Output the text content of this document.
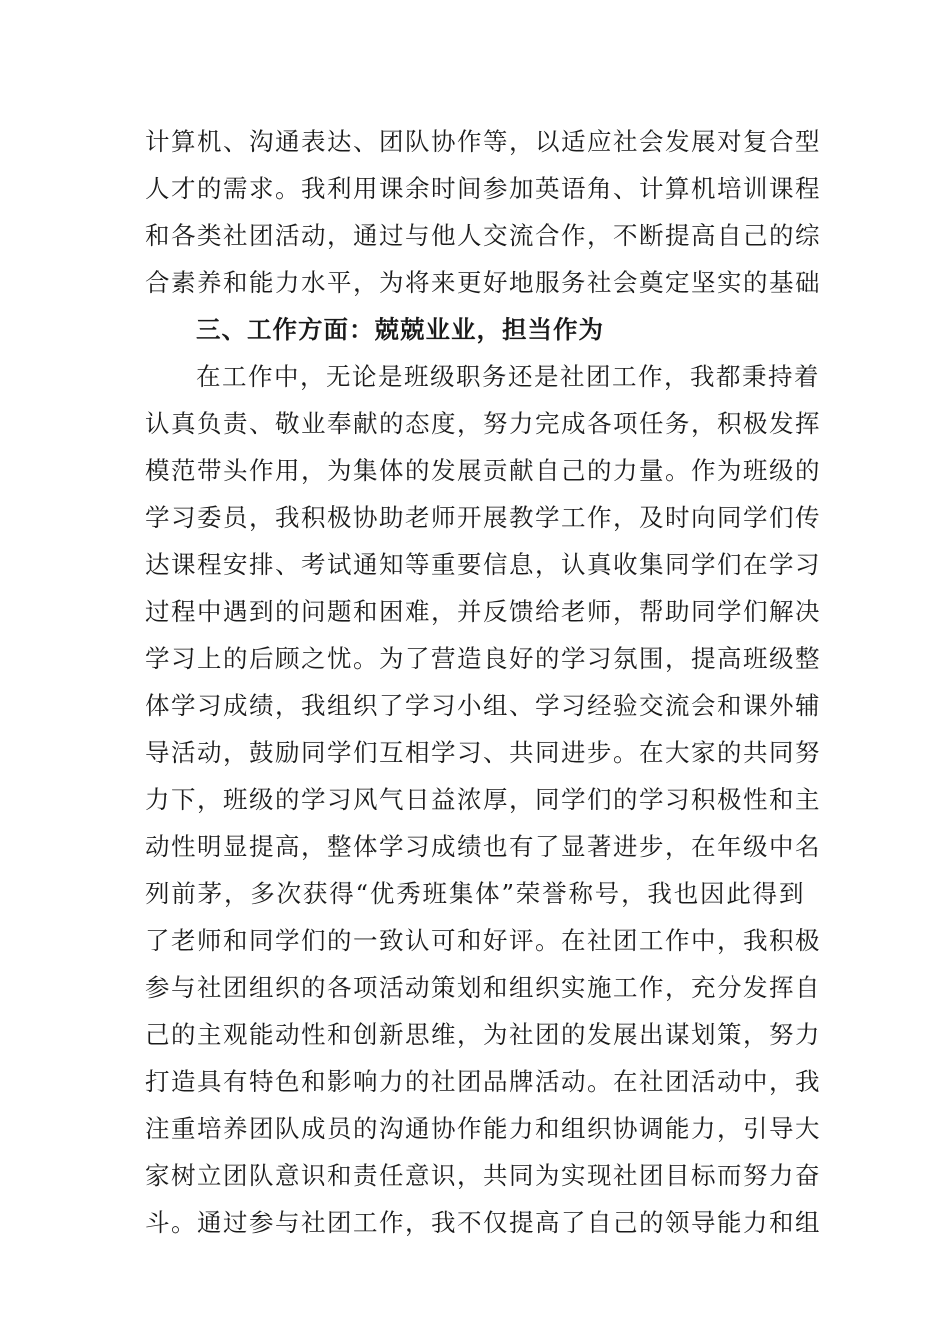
计算机、沟通表达、团队协作等，以适应社会发展对复合型
人才的需求。我利用课余时间参加英语角、计算机培训课程
和各类社团活动，通过与他人交流合作，不断提高自己的综
合素养和能力水平，为将来更好地服务社会奠定坚实的基础
三、工作方面：兢兢业业，担当作为
在工作中，无论是班级职务还是社团工作，我都秉持着
认真负责、敬业奉献的态度，努力完成各项任务，积极发挥
模范带头作用，为集体的发展贡献自己的力量。作为班级的
学习委员，我积极协助老师开展教学工作，及时向同学们传
达课程安排、考试通知等重要信息，认真收集同学们在学习
过程中遇到的问题和困难，并反馈给老师，帮助同学们解决
学习上的后顾之忧。为了营造良好的学习氛围，提高班级整
体学习成绩，我组织了学习小组、学习经验交流会和课外辅
导活动，鼓励同学们互相学习、共同进步。在大家的共同努
力下，班级的学习风气日益浓厚，同学们的学习积极性和主
动性明显提高，整体学习成绩也有了显著进步，在年级中名
列前茅，多次获得“优秀班集体”荣誉称号，我也因此得到
了老师和同学们的一致认可和好评。在社团工作中，我积极
参与社团组织的各项活动策划和组织实施工作，充分发挥自
己的主观能动性和创新思维，为社团的发展出谋划策，努力
打造具有特色和影响力的社团品牌活动。在社团活动中，我
注重培养团队成员的沟通协作能力和组织协调能力，引导大
家树立团队意识和责任意识，共同为实现社团目标而努力奋
斗。通过参与社团工作，我不仅提高了自己的领导能力和组
